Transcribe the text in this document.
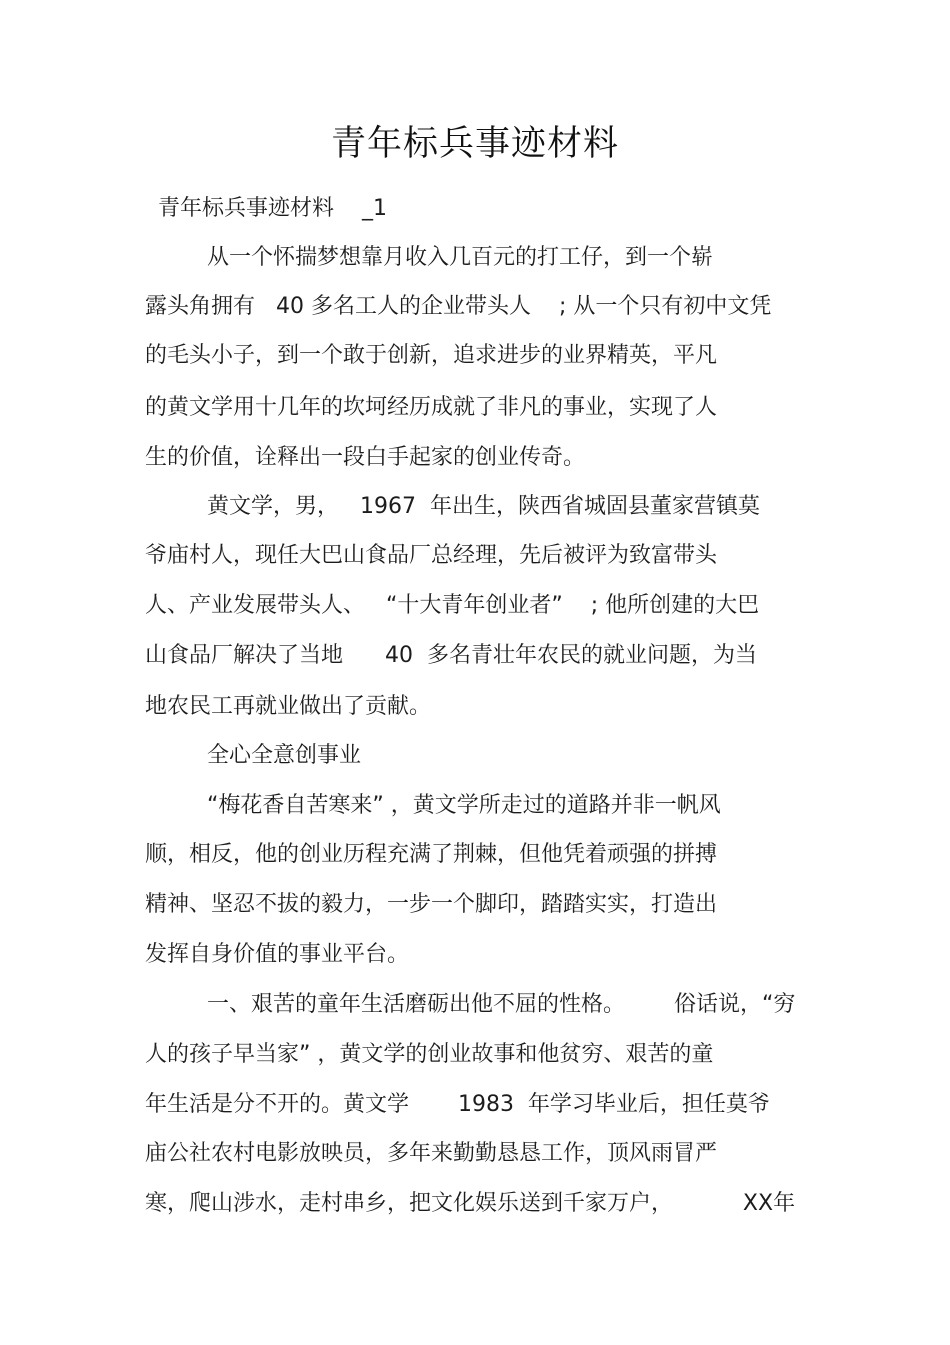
青年标兵事迹材料
青年标兵事迹材料    _1
从一个怀揣梦想靠月收入几百元的打工仔，到一个崭
露头角拥有   40 多名工人的企业带头人    ; 从一个只有初中文凭
的毛头小子，到一个敢于创新，追求进步的业界精英，平凡
的黄文学用十几年的坎坷经历成就了非凡的事业，实现了人
生的价值，诠释出一段白手起家的创业传奇。
黄文学，男，   1967  年出生，陕西省城固县董家营镇莫
爷庙村人，现任大巴山食品厂总经理，先后被评为致富带头
人、产业发展带头人、   “十大青年创业者”    ; 他所创建的大巴
山食品厂解决了当地      40  多名青壮年农民的就业问题，为当
地农民工再就业做出了贡献。
全心全意创事业
“梅花香自苦寒来” ，黄文学所走过的道路并非一帆风
顺，相反，他的创业历程充满了荆棘，但他凭着顽强的拼搏
精神、坚忍不拔的毅力，一步一个脚印，踏踏实实，打造出
发挥自身价值的事业平台。
一、艰苦的童年生活磨砺出他不屈的性格。       俗话说，“穷
人的孩子早当家” ，黄文学的创业故事和他贫穷、艰苦的童
年生活是分不开的。黄文学       1983  年学习毕业后，担任莫爷
庙公社农村电影放映员，多年来勤勤恳恳工作，顶风雨冒严
寒，爬山涉水，走村串乡，把文化娱乐送到千家万户，          XX年
